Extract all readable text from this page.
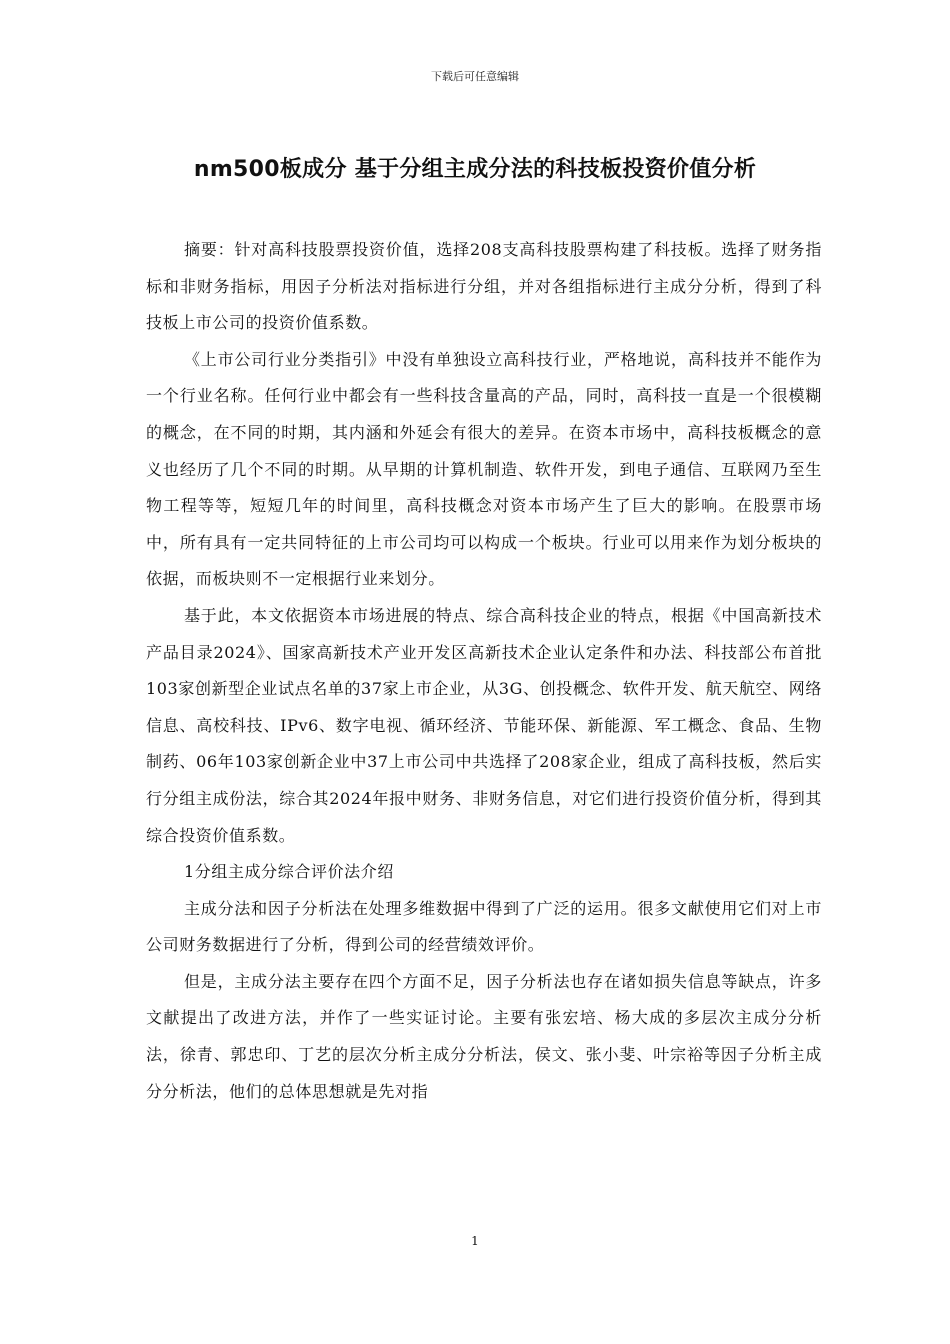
下载后可任意编辑
nm500板成分 基于分组主成分法的科技板投资价值分析

摘要：针对高科技股票投资价值，选择208支高科技股票构建了科技板。选择了财务指标和非财务指标，用因子分析法对指标进行分组，并对各组指标进行主成分分析，得到了科技板上市公司的投资价值系数。

《上市公司行业分类指引》中没有单独设立高科技行业，严格地说，高科技并不能作为一个行业名称。任何行业中都会有一些科技含量高的产品，同时，高科技一直是一个很模糊的概念，在不同的时期，其内涵和外延会有很大的差异。在资本市场中，高科技板概念的意义也经历了几个不同的时期。从早期的计算机制造、软件开发，到电子通信、互联网乃至生物工程等等，短短几年的时间里，高科技概念对资本市场产生了巨大的影响。在股票市场中，所有具有一定共同特征的上市公司均可以构成一个板块。行业可以用来作为划分板块的依据，而板块则不一定根据行业来划分。

基于此，本文依据资本市场进展的特点、综合高科技企业的特点，根据《中国高新技术产品目录2024》、国家高新技术产业开发区高新技术企业认定条件和办法、科技部公布首批103家创新型企业试点名单的37家上市企业，从3G、创投概念、软件开发、航天航空、网络信息、高校科技、IPv6、数字电视、循环经济、节能环保、新能源、军工概念、食品、生物制药、06年103家创新企业中37上市公司中共选择了208家企业，组成了高科技板，然后实行分组主成份法，综合其2024年报中财务、非财务信息，对它们进行投资价值分析，得到其综合投资价值系数。

1分组主成分综合评价法介绍

主成分法和因子分析法在处理多维数据中得到了广泛的运用。很多文献使用它们对上市公司财务数据进行了分析，得到公司的经营绩效评价。

但是，主成分法主要存在四个方面不足，因子分析法也存在诸如损失信息等缺点，许多文献提出了改进方法，并作了一些实证讨论。主要有张宏培、杨大成的多层次主成分分析法，徐青、郭忠印、丁艺的层次分析主成分分析法，侯文、张小斐、叶宗裕等因子分析主成分分析法，他们的总体思想就是先对指

1
